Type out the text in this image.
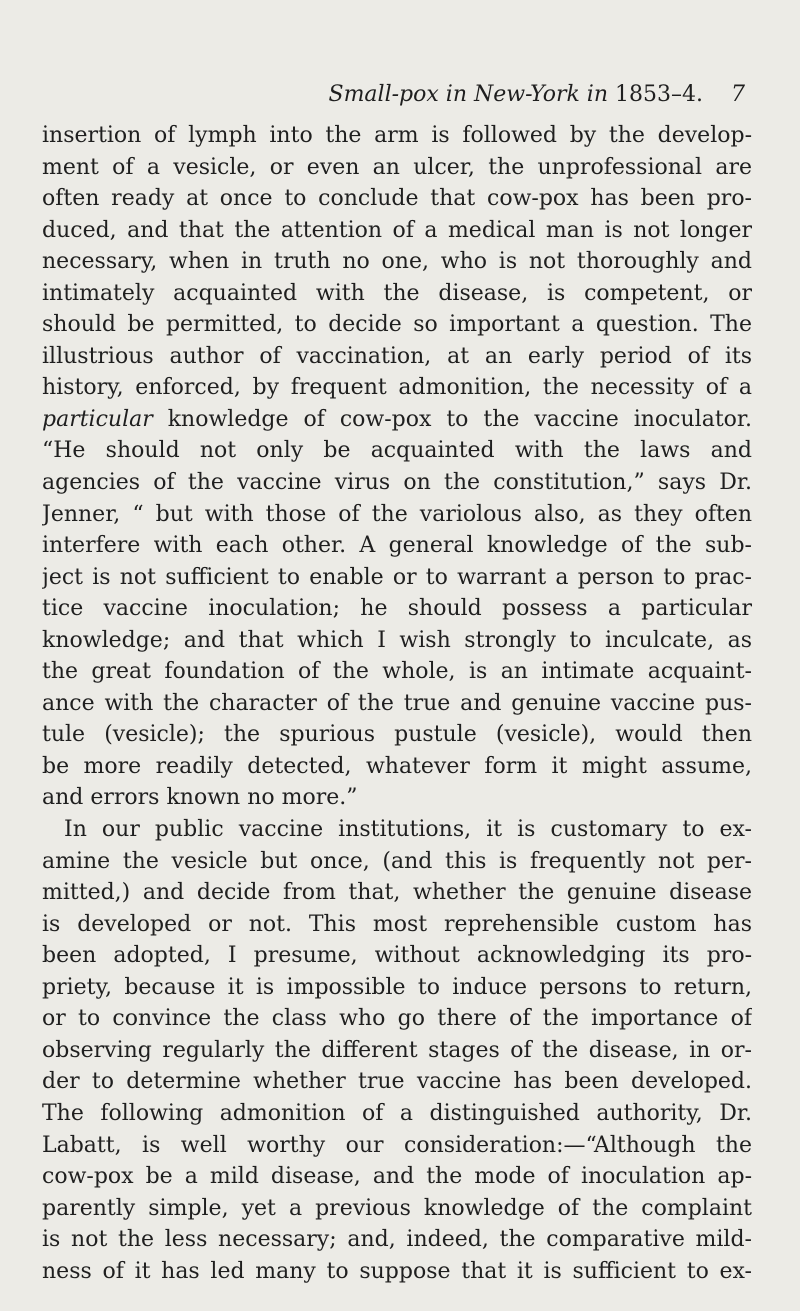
Small-pox in New-York in 1853–4. 7
insertion of lymph into the arm is followed by the develop-
ment of a vesicle, or even an ulcer, the unprofessional are
often ready at once to conclude that cow-pox has been pro-
duced, and that the attention of a medical man is not longer
necessary, when in truth no one, who is not thoroughly and
intimately acquainted with the disease, is competent, or
should be permitted, to decide so important a question. The
illustrious author of vaccination, at an early period of its
history, enforced, by frequent admonition, the necessity of a
particular knowledge of cow-pox to the vaccine inoculator.
“He should not only be acquainted with the laws and
agencies of the vaccine virus on the constitution,” says Dr.
Jenner, “ but with those of the variolous also, as they often
interfere with each other. A general knowledge of the sub-
ject is not sufficient to enable or to warrant a person to prac-
tice vaccine inoculation; he should possess a particular
knowledge; and that which I wish strongly to inculcate, as
the great foundation of the whole, is an intimate acquaint-
ance with the character of the true and genuine vaccine pus-
tule (vesicle); the spurious pustule (vesicle), would then
be more readily detected, whatever form it might assume,
and errors known no more.”
In our public vaccine institutions, it is customary to ex-
amine the vesicle but once, (and this is frequently not per-
mitted,) and decide from that, whether the genuine disease
is developed or not. This most reprehensible custom has
been adopted, I presume, without acknowledging its pro-
priety, because it is impossible to induce persons to return,
or to convince the class who go there of the importance of
observing regularly the different stages of the disease, in or-
der to determine whether true vaccine has been developed.
The following admonition of a distinguished authority, Dr.
Labatt, is well worthy our consideration:—“Although the
cow-pox be a mild disease, and the mode of inoculation ap-
parently simple, yet a previous knowledge of the complaint
is not the less necessary; and, indeed, the comparative mild-
ness of it has led many to suppose that it is sufficient to ex-
